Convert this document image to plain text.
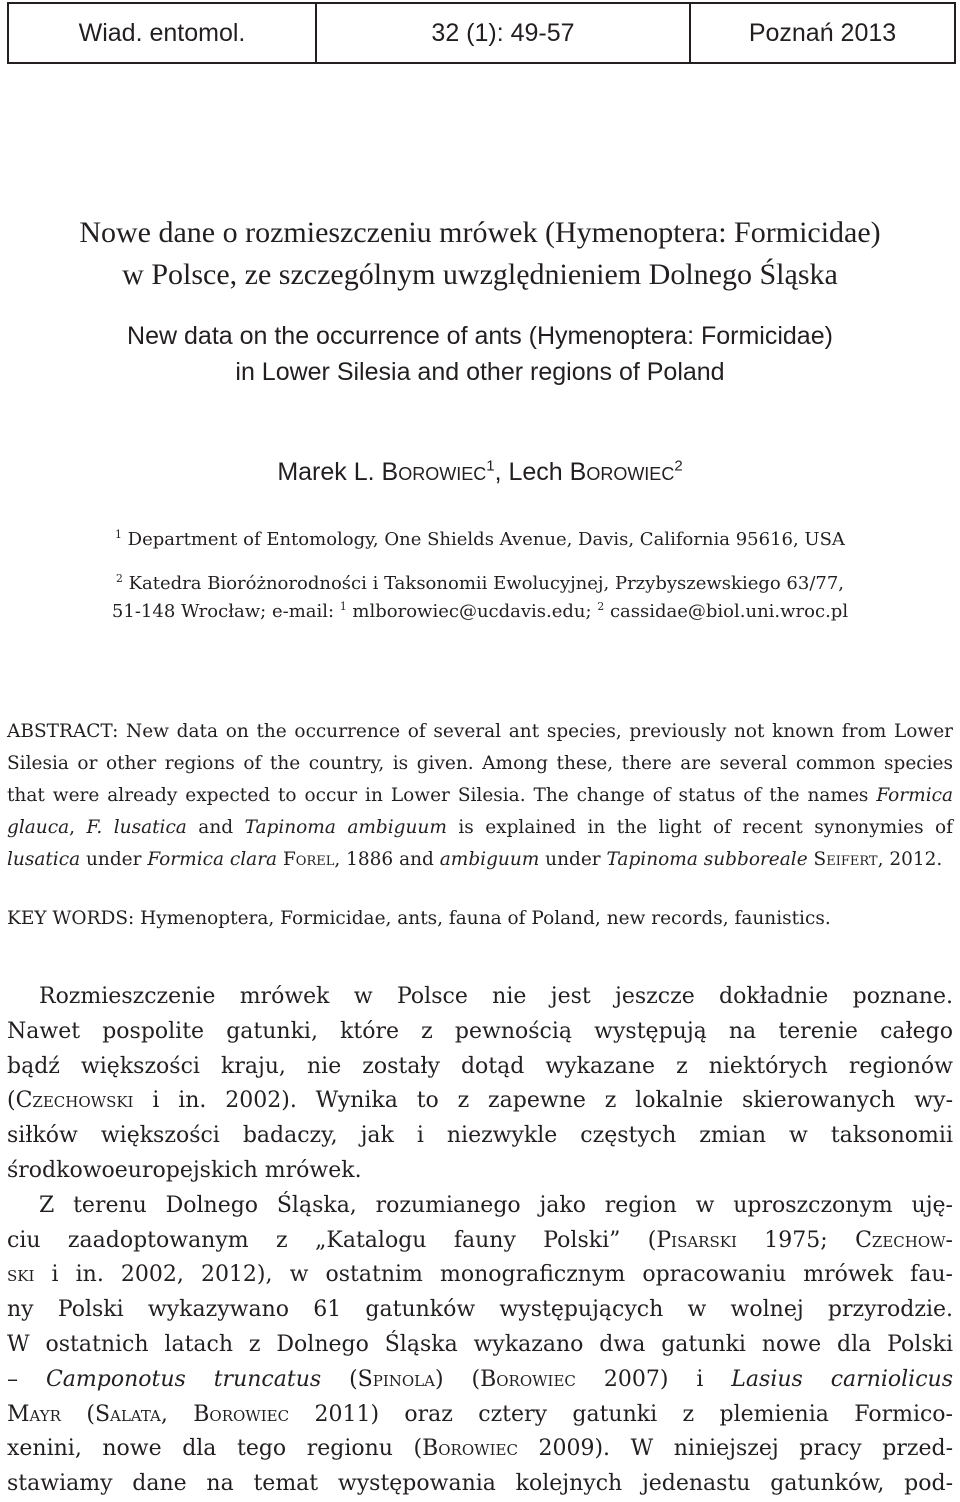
Wiad. entomol.	32 (1): 49-57	Poznań 2013
Nowe dane o rozmieszczeniu mrówek (Hymenoptera: Formicidae)
w Polsce, ze szczególnym uwzględnieniem Dolnego Śląska
New data on the occurrence of ants (Hymenoptera: Formicidae)
in Lower Silesia and other regions of Poland
Marek L. Borowiec$^1$, Lech Borowiec$^2$
$^1$ Department of Entomology, One Shields Avenue, Davis, California 95616, USA
$^2$ Katedra Bioróżnorodności i Taksonomii Ewolucyjnej, Przybyszewskiego 63/77,
51-148 Wrocław; e-mail: $^1$ mlborowiec@ucdavis.edu; $^2$ cassidae@biol.uni.wroc.pl
ABSTRACT: New data on the occurrence of several ant species, previously not known from Lower Silesia or other regions of the country, is given. Among these, there are several common species that were already expected to occur in Lower Silesia. The change of status of the names Formica glauca, F. lusatica and Tapinoma ambiguum is explained in the light of recent synonymies of lusatica under Formica clara Forel, 1886 and ambiguum under Tapinoma subboreale Seifert, 2012.
KEY WORDS: Hymenoptera, Formicidae, ants, fauna of Poland, new records, faunistics.
Rozmieszczenie mrówek w Polsce nie jest jeszcze dokładnie poznane.
Nawet pospolite gatunki, które z pewnością występują na terenie całego
bądź większości kraju, nie zostały dotąd wykazane z niektórych regionów
(Czechowski i in. 2002). Wynika to z zapewne z lokalnie skierowanych wy-
siłków większości badaczy, jak i niezwykle częstych zmian w taksonomii
środkowoeuropejskich mrówek.
Z terenu Dolnego Śląska, rozumianego jako region w uproszczonym uję-
ciu zaadoptowanym z „Katalogu fauny Polski” (Pisarski 1975; Czechow-
ski i in. 2002, 2012), w ostatnim monograficznym opracowaniu mrówek fau-
ny Polski wykazywano 61 gatunków występujących w wolnej przyrodzie.
W ostatnich latach z Dolnego Śląska wykazano dwa gatunki nowe dla Polski
– Camponotus truncatus (Spinola) (Borowiec 2007) i Lasius carniolicus
Mayr (Salata, Borowiec 2011) oraz cztery gatunki z plemienia Formico-
xenini, nowe dla tego regionu (Borowiec 2009). W niniejszej pracy przed-
stawiamy dane na temat występowania kolejnych jedenastu gatunków, pod-
